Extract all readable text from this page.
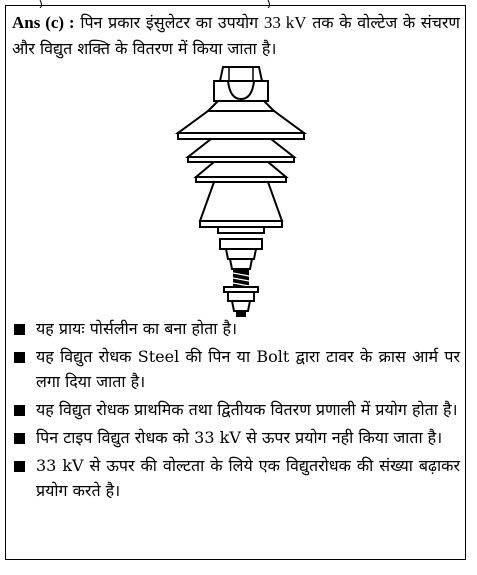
Ans (c) : पिन प्रकार इंसुलेटर का उपयोग 33 kV तक के वोल्टेज के संचरण और विद्युत शक्ति के वितरण में किया जाता है।
यह प्रायः पोर्सलीन का बना होता है।
यह विद्युत रोधक Steel की पिन या Bolt द्वारा टावर के क्रास आर्म पर लगा दिया जाता है।
यह विद्युत रोधक प्राथमिक तथा द्वितीयक वितरण प्रणाली में प्रयोग होता है।
पिन टाइप विद्युत रोधक को 33 kV से ऊपर प्रयोग नही किया जाता है।
33 kV से ऊपर की वोल्टता के लिये एक विद्युतरोधक की संख्या बढ़ाकर प्रयोग करते है।
